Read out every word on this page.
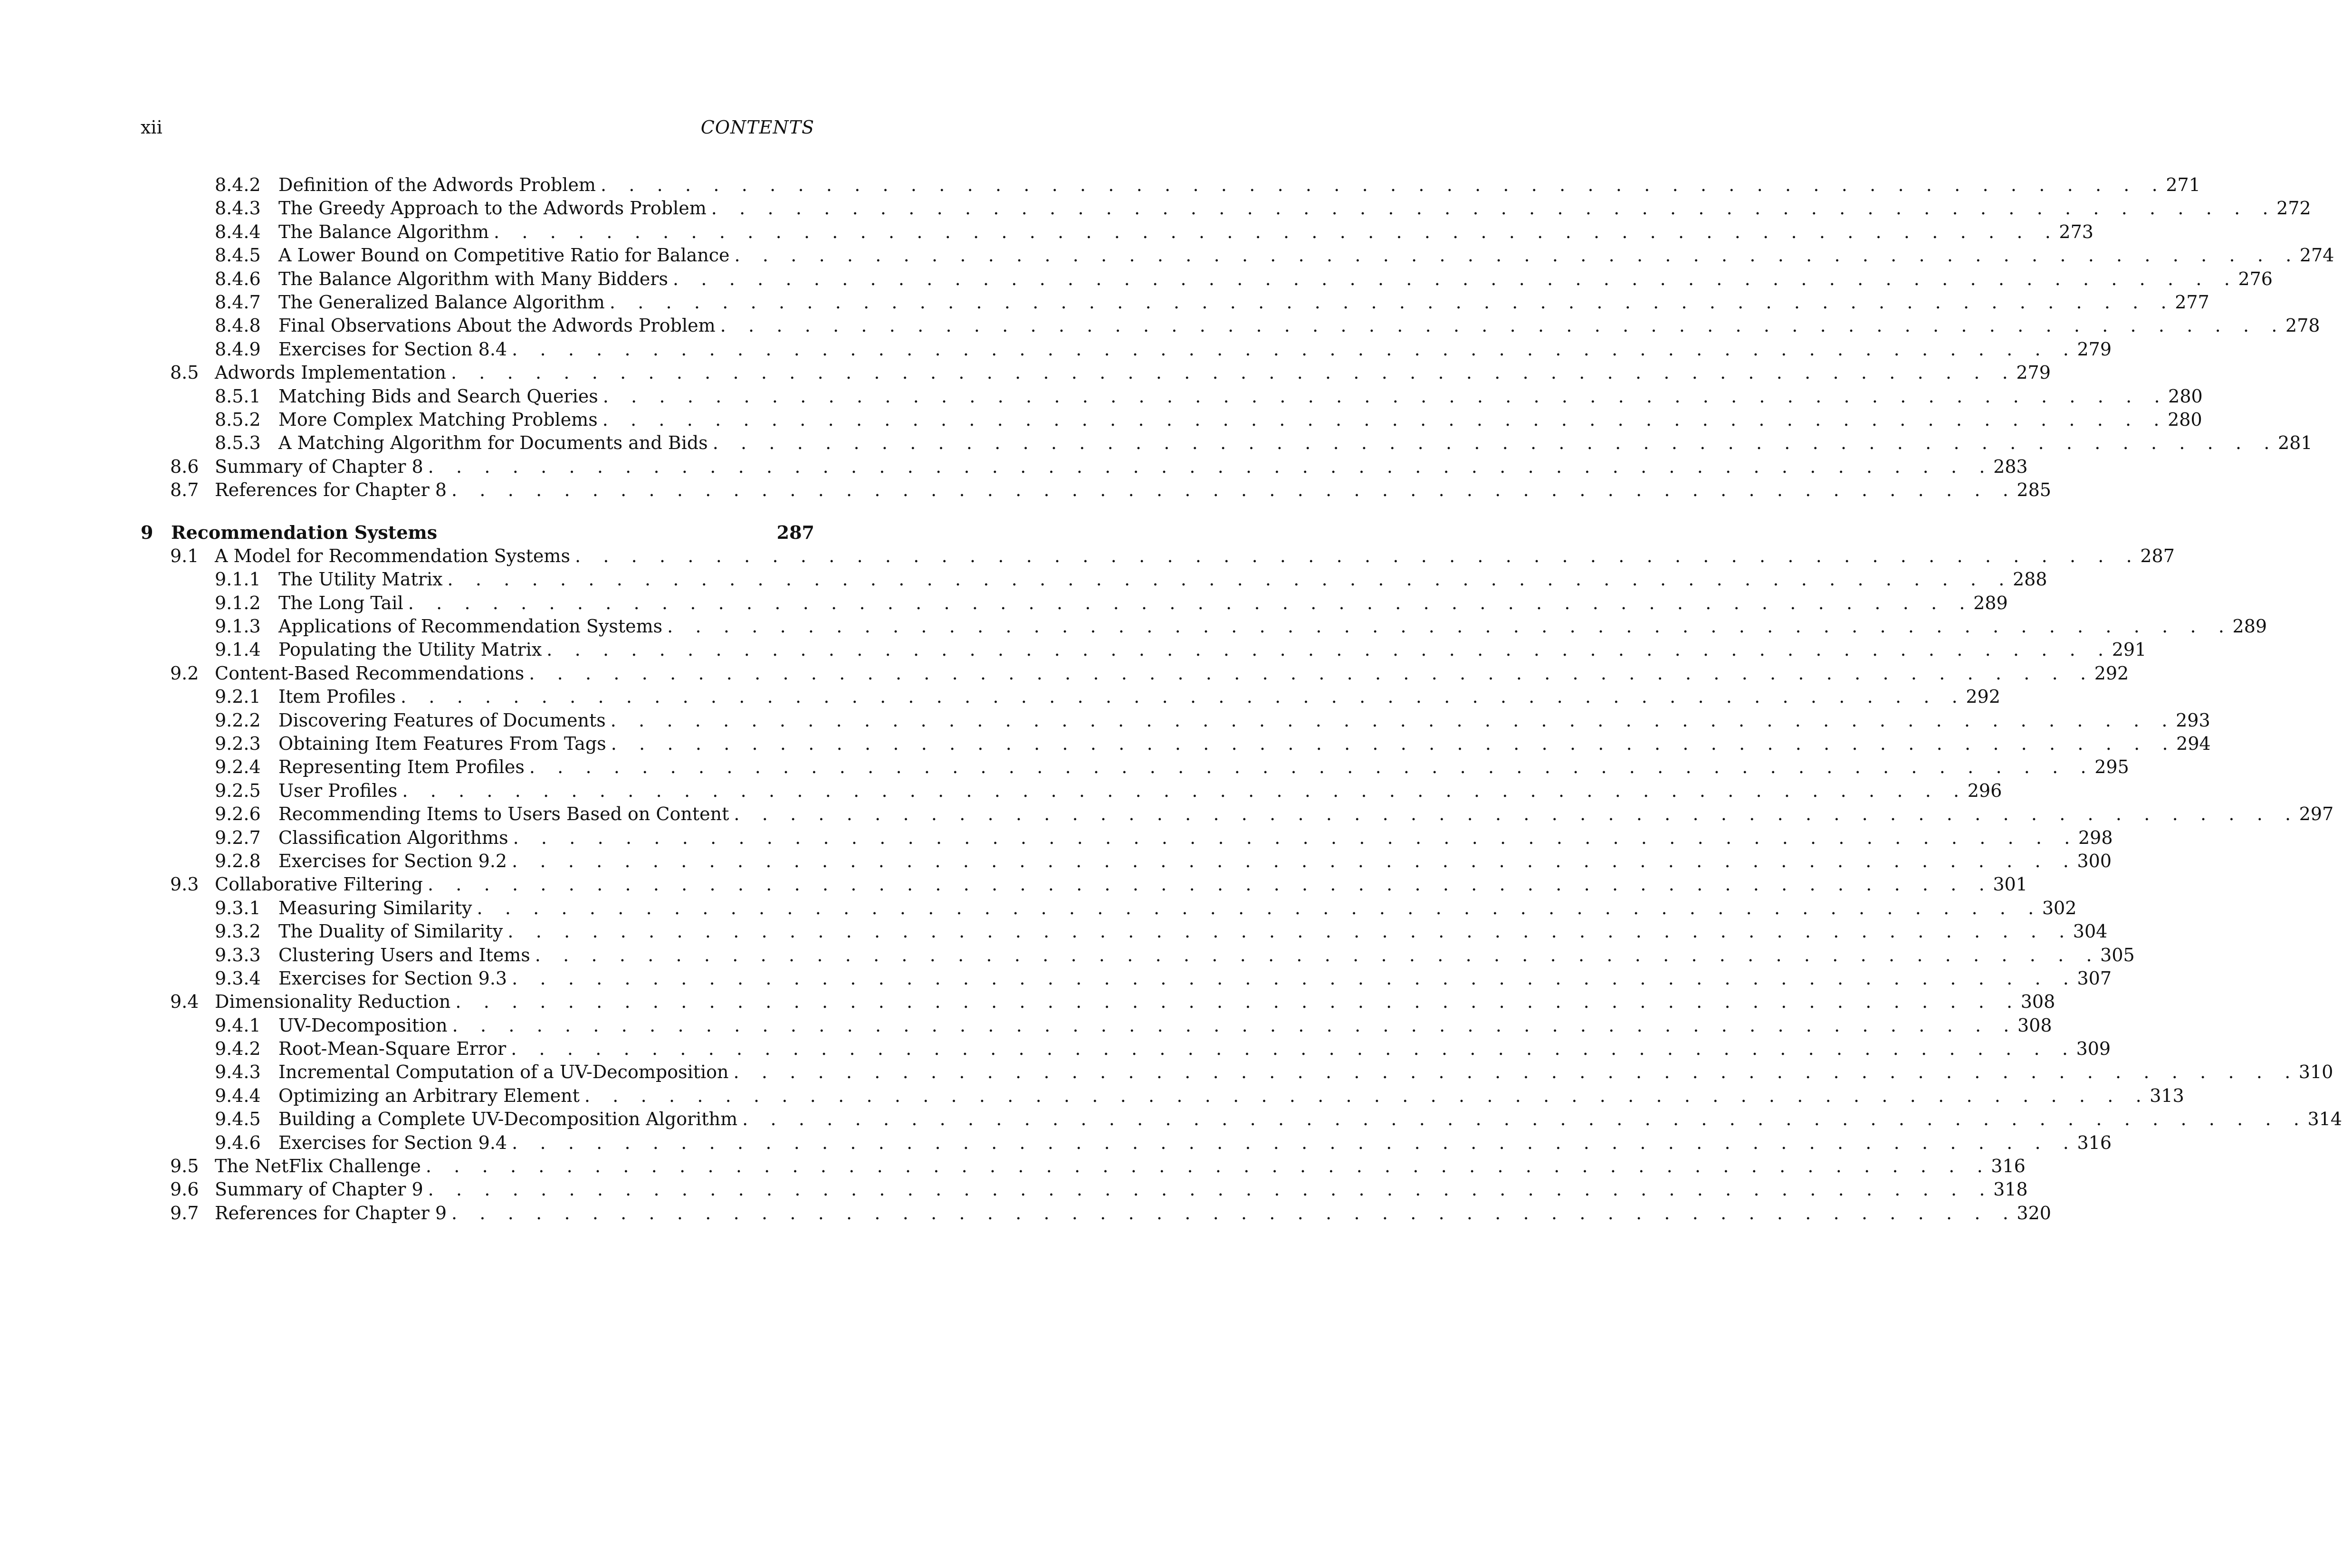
xii	CONTENTS
8.4.2 Definition of the Adwords Problem . . . . . . . . . . . . . . . . . . . . . . . . . . . . . . . . . . . . . . . . . . . . . . . . . . . . . . . . 271
8.4.3 The Greedy Approach to the Adwords Problem . . . . . . . . . . . . . . . . . . . . . . . . . . . . . . . . . . . . . . . . . . . . . . . . . . . . . . . . 272
8.4.4 The Balance Algorithm . . . . . . . . . . . . . . . . . . . . . . . . . . . . . . . . . . . . . . . . . . . . . . . . . . . . . . . . 273
8.4.5 A Lower Bound on Competitive Ratio for Balance . . . . . . . . . . . . . . . . . . . . . . . . . . . . . . . . . . . . . . . . . . . . . . . . . . . . . . . . 274
8.4.6 The Balance Algorithm with Many Bidders . . . . . . . . . . . . . . . . . . . . . . . . . . . . . . . . . . . . . . . . . . . . . . . . . . . . . . . . 276
8.4.7 The Generalized Balance Algorithm . . . . . . . . . . . . . . . . . . . . . . . . . . . . . . . . . . . . . . . . . . . . . . . . . . . . . . . . 277
8.4.8 Final Observations About the Adwords Problem . . . . . . . . . . . . . . . . . . . . . . . . . . . . . . . . . . . . . . . . . . . . . . . . . . . . . . . . 278
8.4.9 Exercises for Section 8.4 . . . . . . . . . . . . . . . . . . . . . . . . . . . . . . . . . . . . . . . . . . . . . . . . . . . . . . . . 279
8.5 Adwords Implementation . . . . . . . . . . . . . . . . . . . . . . . . . . . . . . . . . . . . . . . . . . . . . . . . . . . . . . . . 279
8.5.1 Matching Bids and Search Queries . . . . . . . . . . . . . . . . . . . . . . . . . . . . . . . . . . . . . . . . . . . . . . . . . . . . . . . . 280
8.5.2 More Complex Matching Problems . . . . . . . . . . . . . . . . . . . . . . . . . . . . . . . . . . . . . . . . . . . . . . . . . . . . . . . . 280
8.5.3 A Matching Algorithm for Documents and Bids . . . . . . . . . . . . . . . . . . . . . . . . . . . . . . . . . . . . . . . . . . . . . . . . . . . . . . . . 281
8.6 Summary of Chapter 8 . . . . . . . . . . . . . . . . . . . . . . . . . . . . . . . . . . . . . . . . . . . . . . . . . . . . . . . . 283
8.7 References for Chapter 8 . . . . . . . . . . . . . . . . . . . . . . . . . . . . . . . . . . . . . . . . . . . . . . . . . . . . . . . . 285
9 Recommendation Systems	287
9.1 A Model for Recommendation Systems . . . . . . . . . . . . . . . . . . . . . . . . . . . . . . . . . . . . . . . . . . . . . . . . . . . . . . . . 287
9.1.1 The Utility Matrix . . . . . . . . . . . . . . . . . . . . . . . . . . . . . . . . . . . . . . . . . . . . . . . . . . . . . . . . 288
9.1.2 The Long Tail . . . . . . . . . . . . . . . . . . . . . . . . . . . . . . . . . . . . . . . . . . . . . . . . . . . . . . . . 289
9.1.3 Applications of Recommendation Systems . . . . . . . . . . . . . . . . . . . . . . . . . . . . . . . . . . . . . . . . . . . . . . . . . . . . . . . . 289
9.1.4 Populating the Utility Matrix . . . . . . . . . . . . . . . . . . . . . . . . . . . . . . . . . . . . . . . . . . . . . . . . . . . . . . . . 291
9.2 Content-Based Recommendations . . . . . . . . . . . . . . . . . . . . . . . . . . . . . . . . . . . . . . . . . . . . . . . . . . . . . . . . 292
9.2.1 Item Profiles . . . . . . . . . . . . . . . . . . . . . . . . . . . . . . . . . . . . . . . . . . . . . . . . . . . . . . . . 292
9.2.2 Discovering Features of Documents . . . . . . . . . . . . . . . . . . . . . . . . . . . . . . . . . . . . . . . . . . . . . . . . . . . . . . . . 293
9.2.3 Obtaining Item Features From Tags . . . . . . . . . . . . . . . . . . . . . . . . . . . . . . . . . . . . . . . . . . . . . . . . . . . . . . . . 294
9.2.4 Representing Item Profiles . . . . . . . . . . . . . . . . . . . . . . . . . . . . . . . . . . . . . . . . . . . . . . . . . . . . . . . . 295
9.2.5 User Profiles . . . . . . . . . . . . . . . . . . . . . . . . . . . . . . . . . . . . . . . . . . . . . . . . . . . . . . . . 296
9.2.6 Recommending Items to Users Based on Content . . . . . . . . . . . . . . . . . . . . . . . . . . . . . . . . . . . . . . . . . . . . . . . . . . . . . . . . 297
9.2.7 Classification Algorithms . . . . . . . . . . . . . . . . . . . . . . . . . . . . . . . . . . . . . . . . . . . . . . . . . . . . . . . . 298
9.2.8 Exercises for Section 9.2 . . . . . . . . . . . . . . . . . . . . . . . . . . . . . . . . . . . . . . . . . . . . . . . . . . . . . . . . 300
9.3 Collaborative Filtering . . . . . . . . . . . . . . . . . . . . . . . . . . . . . . . . . . . . . . . . . . . . . . . . . . . . . . . . 301
9.3.1 Measuring Similarity . . . . . . . . . . . . . . . . . . . . . . . . . . . . . . . . . . . . . . . . . . . . . . . . . . . . . . . . 302
9.3.2 The Duality of Similarity . . . . . . . . . . . . . . . . . . . . . . . . . . . . . . . . . . . . . . . . . . . . . . . . . . . . . . . . 304
9.3.3 Clustering Users and Items . . . . . . . . . . . . . . . . . . . . . . . . . . . . . . . . . . . . . . . . . . . . . . . . . . . . . . . . 305
9.3.4 Exercises for Section 9.3 . . . . . . . . . . . . . . . . . . . . . . . . . . . . . . . . . . . . . . . . . . . . . . . . . . . . . . . . 307
9.4 Dimensionality Reduction . . . . . . . . . . . . . . . . . . . . . . . . . . . . . . . . . . . . . . . . . . . . . . . . . . . . . . . . 308
9.4.1 UV-Decomposition . . . . . . . . . . . . . . . . . . . . . . . . . . . . . . . . . . . . . . . . . . . . . . . . . . . . . . . . 308
9.4.2 Root-Mean-Square Error . . . . . . . . . . . . . . . . . . . . . . . . . . . . . . . . . . . . . . . . . . . . . . . . . . . . . . . . 309
9.4.3 Incremental Computation of a UV-Decomposition . . . . . . . . . . . . . . . . . . . . . . . . . . . . . . . . . . . . . . . . . . . . . . . . . . . . . . . . 310
9.4.4 Optimizing an Arbitrary Element . . . . . . . . . . . . . . . . . . . . . . . . . . . . . . . . . . . . . . . . . . . . . . . . . . . . . . . . 313
9.4.5 Building a Complete UV-Decomposition Algorithm . . . . . . . . . . . . . . . . . . . . . . . . . . . . . . . . . . . . . . . . . . . . . . . . . . . . . . . . 314
9.4.6 Exercises for Section 9.4 . . . . . . . . . . . . . . . . . . . . . . . . . . . . . . . . . . . . . . . . . . . . . . . . . . . . . . . . 316
9.5 The NetFlix Challenge . . . . . . . . . . . . . . . . . . . . . . . . . . . . . . . . . . . . . . . . . . . . . . . . . . . . . . . . 316
9.6 Summary of Chapter 9 . . . . . . . . . . . . . . . . . . . . . . . . . . . . . . . . . . . . . . . . . . . . . . . . . . . . . . . . 318
9.7 References for Chapter 9 . . . . . . . . . . . . . . . . . . . . . . . . . . . . . . . . . . . . . . . . . . . . . . . . . . . . . . . . 320
